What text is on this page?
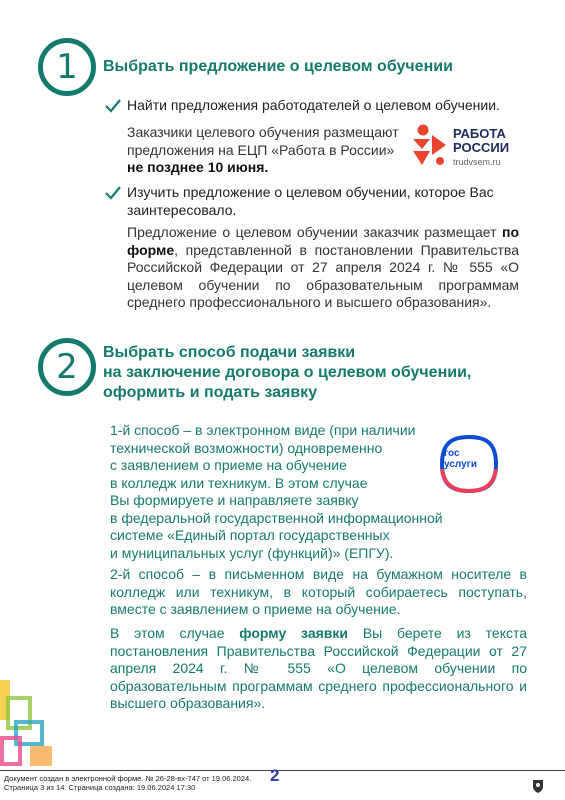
1 Выбрать предложение о целевом обучении
Найти предложения работодателей о целевом обучении.
Заказчики целевого обучения размещают
предложения на ЕЦП «Работа в России»
не позднее 10 июня.
РАБОТА
РОССИИ
trudvsem.ru
Изучить предложение о целевом обучении, которое Вас заинтересовало.
Предложение о целевом обучении заказчик размещает по форме, представленной в постановлении Правительства Российской Федерации от 27 апреля 2024 г. № 555 «О целевом обучении по образовательным программам среднего профессионального и высшего образования».
2 Выбрать способ подачи заявки
на заключение договора о целевом обучении,
оформить и подать заявку
1-й способ – в электронном виде (при наличии
технической возможности) одновременно
с заявлением о приеме на обучение
в колледж или техникум. В этом случае
Вы формируете и направляете заявку
в федеральной государственной информационной
системе «Единый портал государственных
и муниципальных услуг (функций)» (ЕПГУ).
гос
услуги
2-й способ – в письменном виде на бумажном носителе в колледж или техникум, в который собираетесь поступать, вместе с заявлением о приеме на обучение.
В этом случае форму заявки Вы берете из текста постановления Правительства Российской Федерации от 27 апреля 2024 г. № 555 «О целевом обучении по образовательным программам среднего профессионального и высшего образования».
Документ создан в электронной форме. № 26-28-вх-747 от 19.06.2024.
Страница 3 из 14. Страница создана: 19.06.2024 17:30
2
